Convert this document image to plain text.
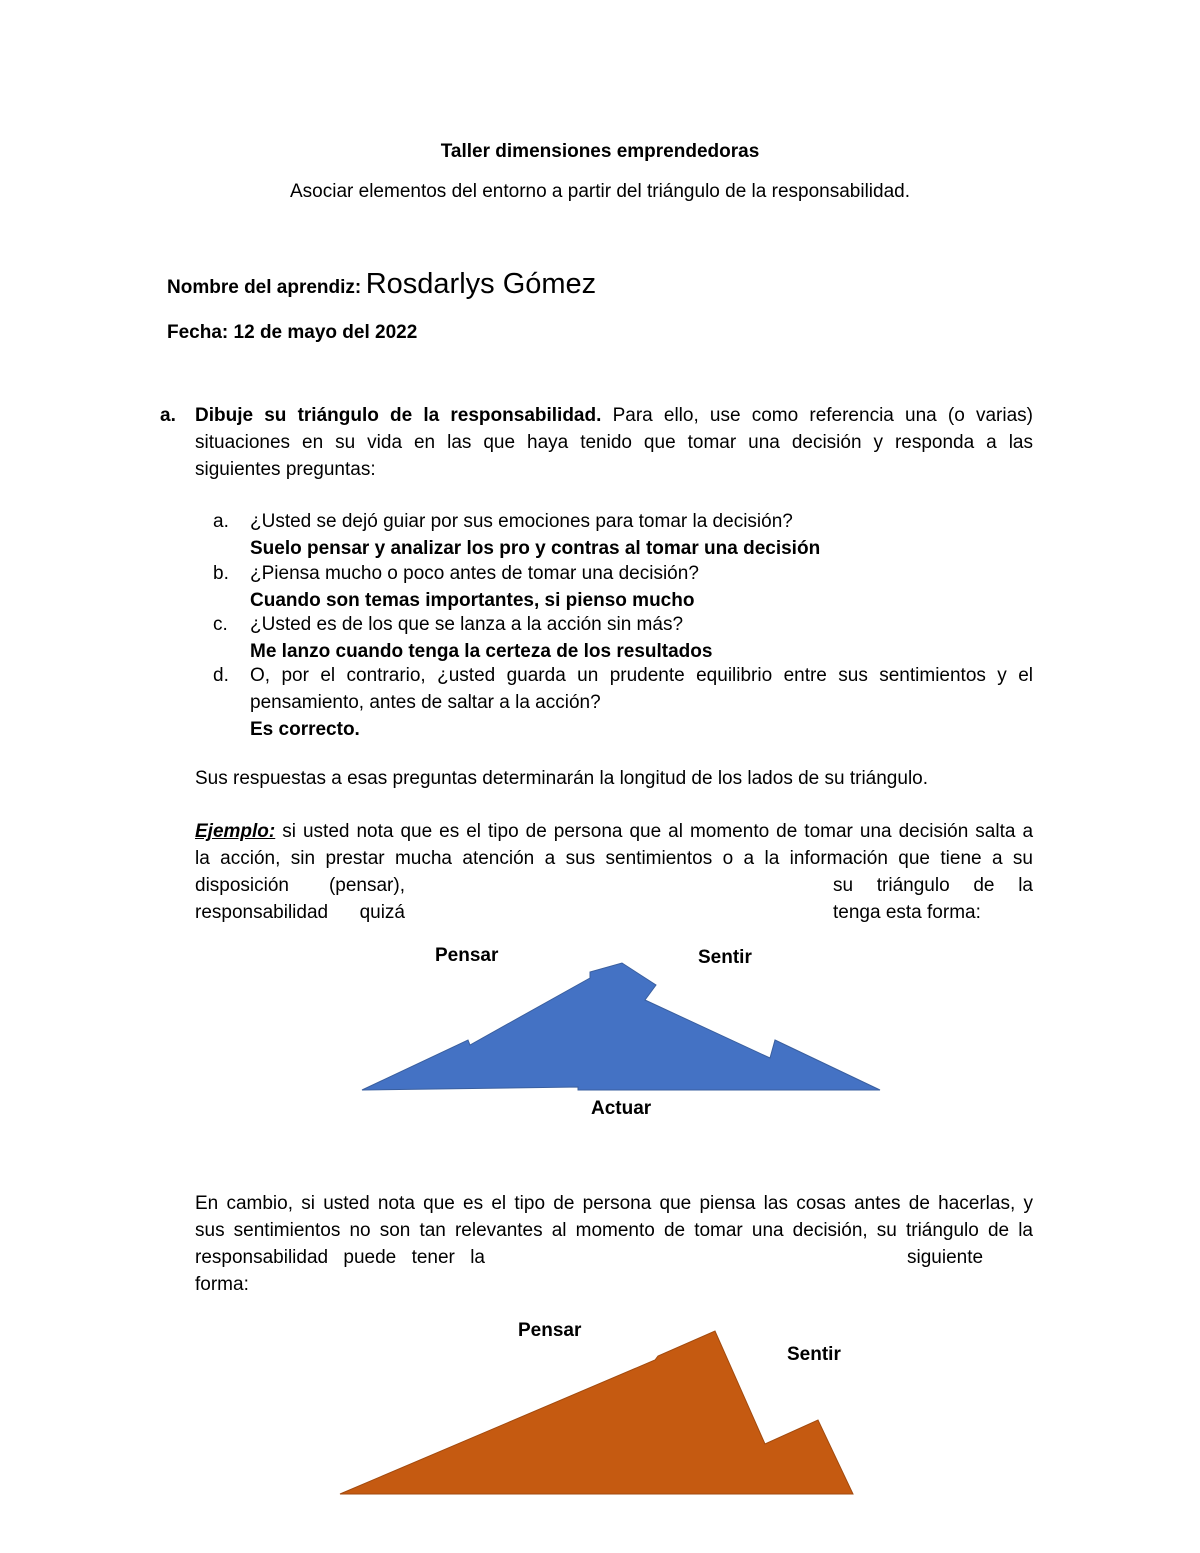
Taller dimensiones emprendedoras
Asociar elementos del entorno a partir del triángulo de la responsabilidad.
Nombre del aprendiz: Rosdarlys Gómez
Fecha: 12 de mayo del 2022
a. Dibuje su triángulo de la responsabilidad. Para ello, use como referencia una (o varias)
situaciones en su vida en las que haya tenido que tomar una decisión y responda a las
siguientes preguntas:
a. ¿Usted se dejó guiar por sus emociones para tomar la decisión?
Suelo pensar y analizar los pro y contras al tomar una decisión
b. ¿Piensa mucho o poco antes de tomar una decisión?
Cuando son temas importantes, si pienso mucho
c. ¿Usted es de los que se lanza a la acción sin más?
Me lanzo cuando tenga la certeza de los resultados
d. O, por el contrario, ¿usted guarda un prudente equilibrio entre sus sentimientos y el
pensamiento, antes de saltar a la acción?
Es correcto.
Sus respuestas a esas preguntas determinarán la longitud de los lados de su triángulo.
Ejemplo: si usted nota que es el tipo de persona que al momento de tomar una decisión salta a
la acción, sin prestar mucha atención a sus sentimientos o a la información que tiene a su
disposición (pensar),	su triángulo de la
responsabilidad quizá	tenga esta forma:
Pensar	Sentir
Actuar
En cambio, si usted nota que es el tipo de persona que piensa las cosas antes de hacerlas, y
sus sentimientos no son tan relevantes al momento de tomar una decisión, su triángulo de la
responsabilidad puede tener la	siguiente
forma:
Pensar
Sentir
